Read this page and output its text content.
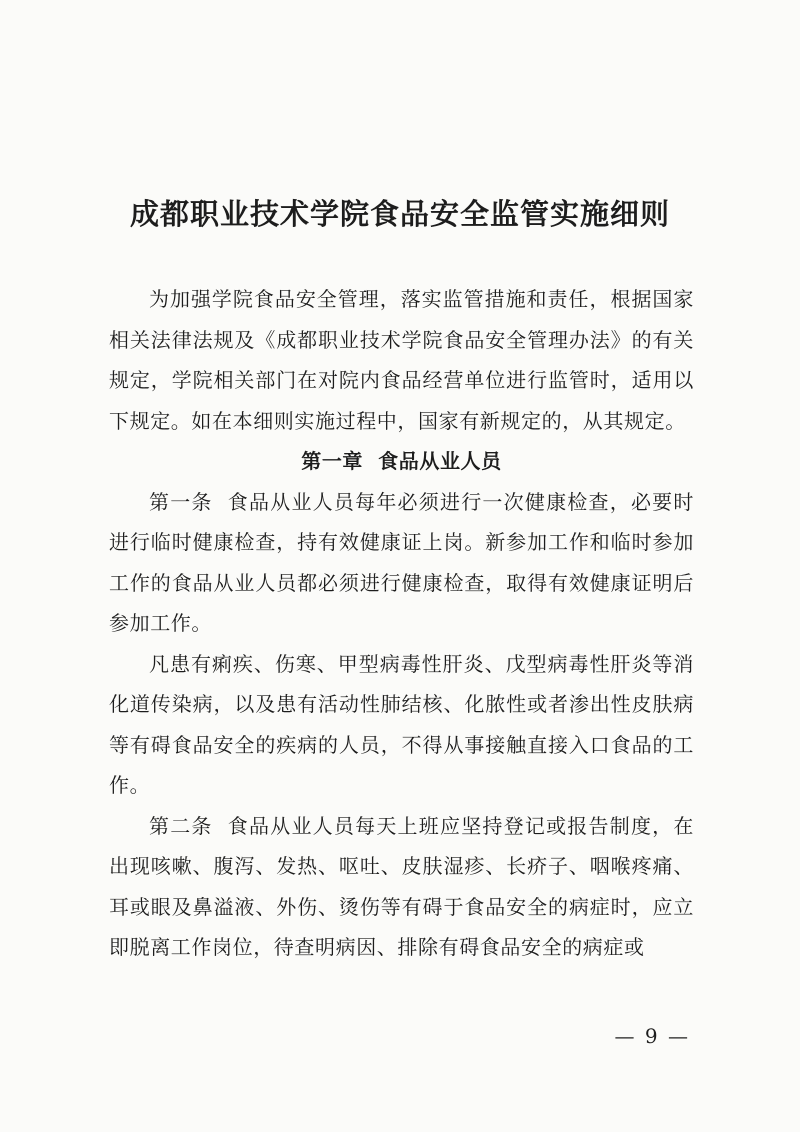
成都职业技术学院食品安全监管实施细则

为加强学院食品安全管理，落实监管措施和责任，根据国家相关法律法规及《成都职业技术学院食品安全管理办法》的有关规定，学院相关部门在对院内食品经营单位进行监管时，适用以下规定。如在本细则实施过程中，国家有新规定的，从其规定。

第一章  食品从业人员

第一条  食品从业人员每年必须进行一次健康检查，必要时进行临时健康检查，持有效健康证上岗。新参加工作和临时参加工作的食品从业人员都必须进行健康检查，取得有效健康证明后参加工作。

凡患有痢疾、伤寒、甲型病毒性肝炎、戊型病毒性肝炎等消化道传染病，以及患有活动性肺结核、化脓性或者渗出性皮肤病等有碍食品安全的疾病的人员，不得从事接触直接入口食品的工作。

第二条  食品从业人员每天上班应坚持登记或报告制度，在出现咳嗽、腹泻、发热、呕吐、皮肤湿疹、长疥子、咽喉疼痛、耳或眼及鼻溢液、外伤、烫伤等有碍于食品安全的病症时，应立即脱离工作岗位，待查明病因、排除有碍食品安全的病症或

— 9 —
